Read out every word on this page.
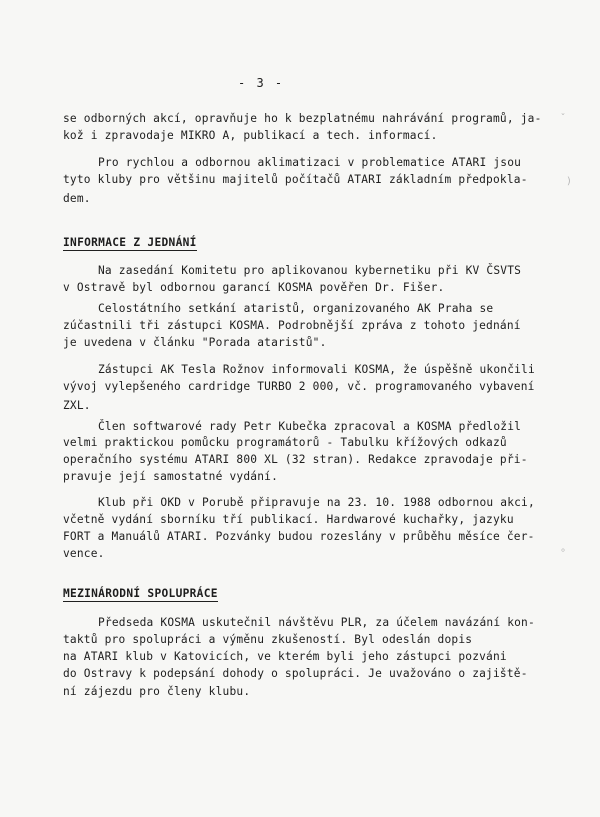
- 3 -
se odborných akcí, opravňuje ho k bezplatnému nahrávání programů, ja-
kož i zpravodaje MIKRO A, publikací a tech. informací.
Pro rychlou a odbornou aklimatizaci v problematice ATARI jsou
tyto kluby pro většinu majitelů počítačů ATARI základním předpokla-
dem.
INFORMACE Z JEDNÁNÍ
Na zasedání Komitetu pro aplikovanou kybernetiku při KV ČSVTS
v Ostravě byl odbornou garancí KOSMA pověřen Dr. Fišer.
Celostátního setkání ataristů, organizovaného AK Praha se
zúčastnili tři zástupci KOSMA. Podrobnější zpráva z tohoto jednání
je uvedena v článku "Porada ataristů".
Zástupci AK Tesla Rožnov informovali KOSMA, že úspěšně ukončili
vývoj vylepšeného cardridge TURBO 2 000, vč. programovaného vybavení
ZXL.
Člen softwarové rady Petr Kubečka zpracoval a KOSMA předložil
velmi praktickou pomůcku programátorů - Tabulku křížových odkazů
operačního systému ATARI 800 XL (32 stran). Redakce zpravodaje při-
pravuje její samostatné vydání.
Klub při OKD v Porubě připravuje na 23. 10. 1988 odbornou akci,
včetně vydání sborníku tří publikací. Hardwarové kuchařky, jazyku
FORT a Manuálů ATARI. Pozvánky budou rozeslány v průběhu měsíce čer-
vence.
MEZINÁRODNÍ SPOLUPRÁCE
Předseda KOSMA uskutečnil návštěvu PLR, za účelem navázání kon-
taktů pro spolupráci a výměnu zkušeností. Byl odeslán dopis
na ATARI klub v Katovicích, ve kterém byli jeho zástupci pozváni
do Ostravy k podepsání dohody o spolupráci. Je uvažováno o zajiště-
ní zájezdu pro členy klubu.
ˇ
)
°
